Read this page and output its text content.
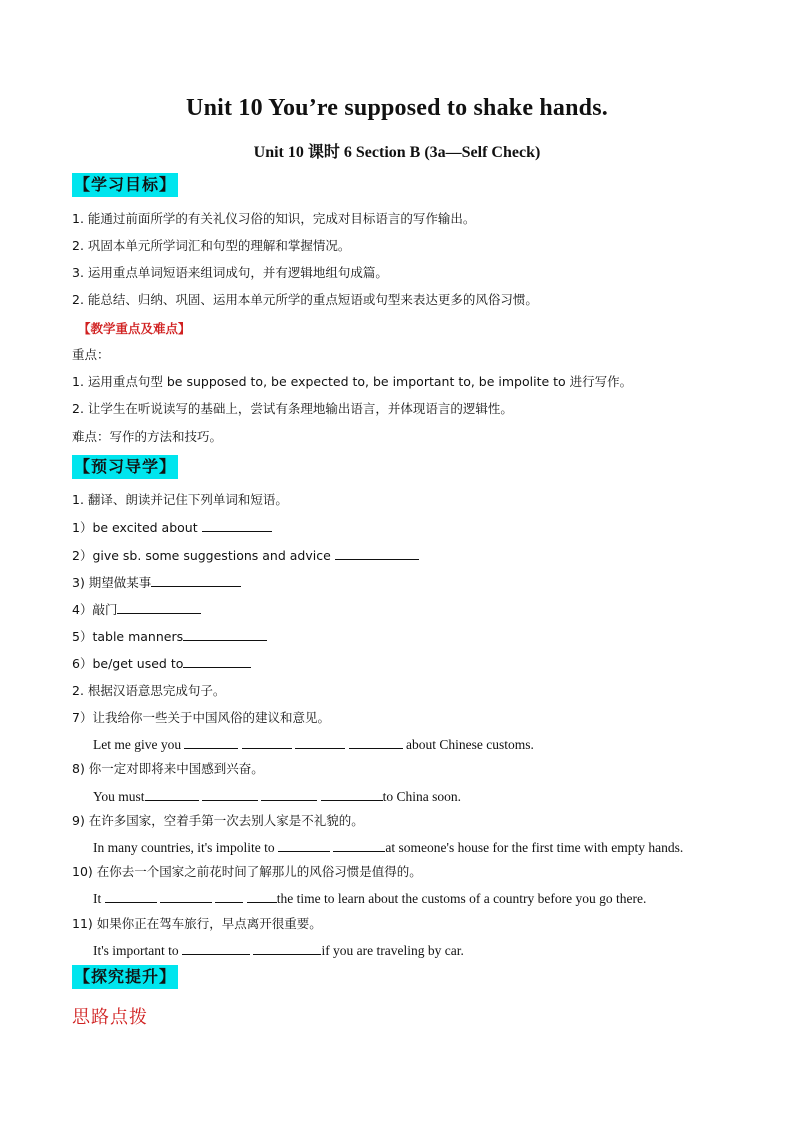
Unit 10 You’re supposed to shake hands.
Unit 10 课时 6 Section B (3a—Self Check)
【学习目标】
1. 能通过前面所学的有关礼仪习俗的知识，完成对目标语言的写作输出。
2. 巩固本单元所学词汇和句型的理解和掌握情况。
3. 运用重点单词短语来组词成句，并有逻辑地组句成篇。
2. 能总结、归纳、巩固、运用本单元所学的重点短语或句型来表达更多的风俗习惯。
【教学重点及难点】
重点：
1. 运用重点句型 be supposed to, be expected to, be important to, be impolite to 进行写作。
2. 让学生在听说读写的基础上，尝试有条理地输出语言，并体现语言的逻辑性。
难点：写作的方法和技巧。
【预习导学】
1. 翻译、朗读并记住下列单词和短语。
1）be excited about
2）give sb. some suggestions and advice
3) 期望做某事
4）敲门
5）table manners
6）be/get used to
2. 根据汉语意思完成句子。
7）让我给你一些关于中国风俗的建议和意见。
Let me give you	about Chinese customs.
8) 你一定对即将来中国感到兴奋。
You must	to China soon.
9) 在许多国家，空着手第一次去别人家是不礼貌的。
In many countries, it's impolite to	at someone's house for the first time with empty hands.
10) 在你去一个国家之前花时间了解那儿的风俗习惯是值得的。
It	the time to learn about the customs of a country before you go there.
11) 如果你正在驾车旅行，早点离开很重要。
It's important to	if you are traveling by car.
【探究提升】
思路点拨
